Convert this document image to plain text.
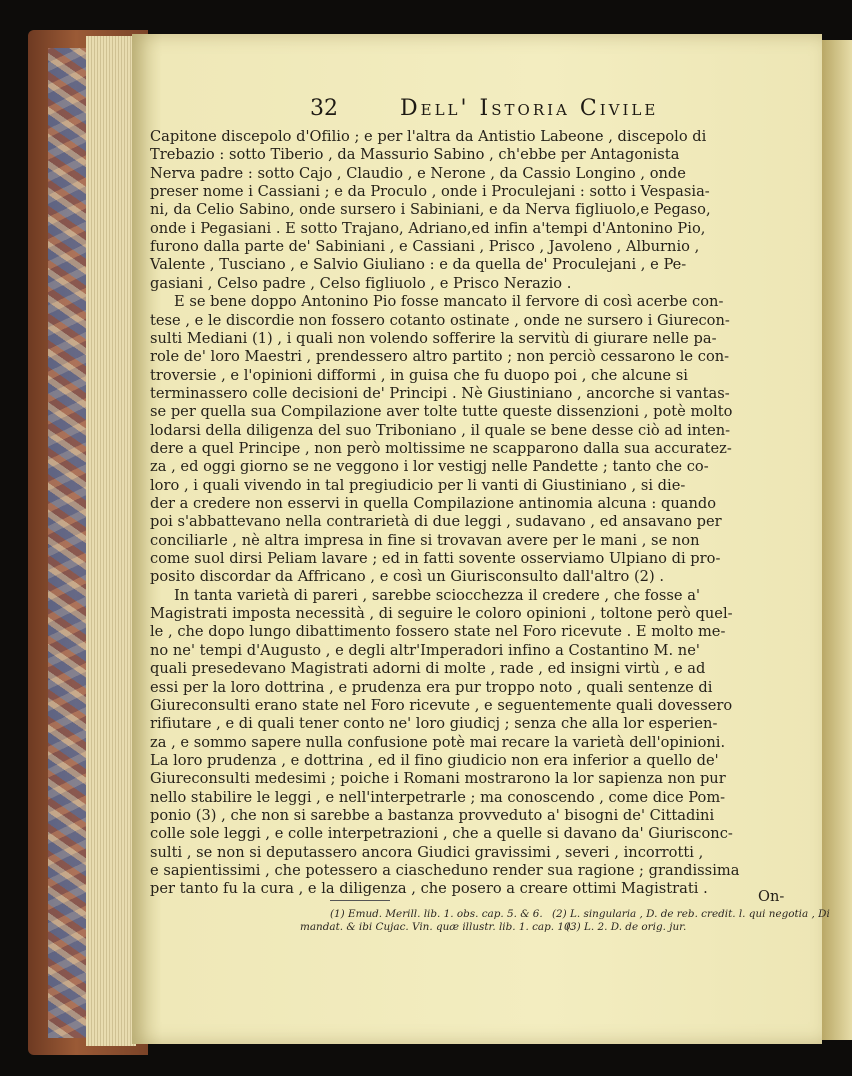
32	Dell' Istoria Civile
Capitone discepolo d'Ofilio ; e per l'altra da Antistio Labeone , discepolo di
Trebazio : sotto Tiberio , da Massurio Sabino , ch'ebbe per Antagonista
Nerva padre : sotto Cajo , Claudio , e Nerone , da Cassio Longino , onde
preser nome i Cassiani ; e da Proculo , onde i Proculejani : sotto i Vespasia-
ni, da Celio Sabino, onde sursero i Sabiniani, e da Nerva figliuolo,e Pegaso,
onde i Pegasiani . E sotto Trajano, Adriano,ed infin a'tempi d'Antonino Pio,
furono dalla parte de' Sabiniani , e Cassiani , Prisco , Javoleno , Alburnio ,
Valente , Tusciano , e Salvio Giuliano : e da quella de' Proculejani , e Pe-
gasiani , Celso padre , Celso figliuolo , e Prisco Nerazio .
E se bene doppo Antonino Pio fosse mancato il fervore di così acerbe con-
tese , e le discordie non fossero cotanto ostinate , onde ne sursero i Giurecon-
sulti Mediani (1) , i quali non volendo sofferire la servitù di giurare nelle pa-
role de' loro Maestri , prendessero altro partito ; non perciò cessarono le con-
troversie , e l'opinioni difformi , in guisa che fu duopo poi , che alcune si
terminassero colle decisioni de' Principi . Nè Giustiniano , ancorche si vantas-
se per quella sua Compilazione aver tolte tutte queste dissenzioni , potè molto
lodarsi della diligenza del suo Triboniano , il quale se bene desse ciò ad inten-
dere a quel Principe , non però moltissime ne scapparono dalla sua accuratez-
za , ed oggi giorno se ne veggono i lor vestigj nelle Pandette ; tanto che co-
loro , i quali vivendo in tal pregiudicio per li vanti di Giustiniano , si die-
der a credere non esservi in quella Compilazione antinomia alcuna : quando
poi s'abbattevano nella contrarietà di due leggi , sudavano , ed ansavano per
conciliarle , nè altra impresa in fine si trovavan avere per le mani , se non
come suol dirsi Peliam lavare ; ed in fatti sovente osserviamo Ulpiano di pro-
posito discordar da Affricano , e così un Giurisconsulto dall'altro (2) .
In tanta varietà di pareri , sarebbe sciocchezza il credere , che fosse a'
Magistrati imposta necessità , di seguire le coloro opinioni , toltone però quel-
le , che dopo lungo dibattimento fossero state nel Foro ricevute . E molto me-
no ne' tempi d'Augusto , e degli altr'Imperadori infino a Costantino M. ne'
quali presedevano Magistrati adorni di molte , rade , ed insigni virtù , e ad
essi per la loro dottrina , e prudenza era pur troppo noto , quali sentenze di
Giureconsulti erano state nel Foro ricevute , e seguentemente quali dovessero
rifiutare , e di quali tener conto ne' loro giudicj ; senza che alla lor esperien-
za , e sommo sapere nulla confusione potè mai recare la varietà dell'opinioni.
La loro prudenza , e dottrina , ed il fino giudicio non era inferior a quello de'
Giureconsulti medesimi ; poiche i Romani mostrarono la lor sapienza non pur
nello stabilire le leggi , e nell'interpetrarle ; ma conoscendo , come dice Pom-
ponio (3) , che non si sarebbe a bastanza provveduto a' bisogni de' Cittadini
colle sole leggi , e colle interpetrazioni , che a quelle si davano da' Giurisconc-
sulti , se non si deputassero ancora Giudici gravissimi , severi , incorrotti ,
e sapientissimi , che potessero a ciascheduno render sua ragione ; grandissima
per tanto fu la cura , e la diligenza , che posero a creare ottimi Magistrati .	On-
(1) Emud. Merill. lib. 1. obs. cap. 5. & 6.
mandat. & ibi Cujac. Vin. quæ illustr. lib. 1. cap. 10.
(2) L. singularia , D. de reb. credit. l. qui negotia , Di
(3) L. 2. D. de orig. jur.
